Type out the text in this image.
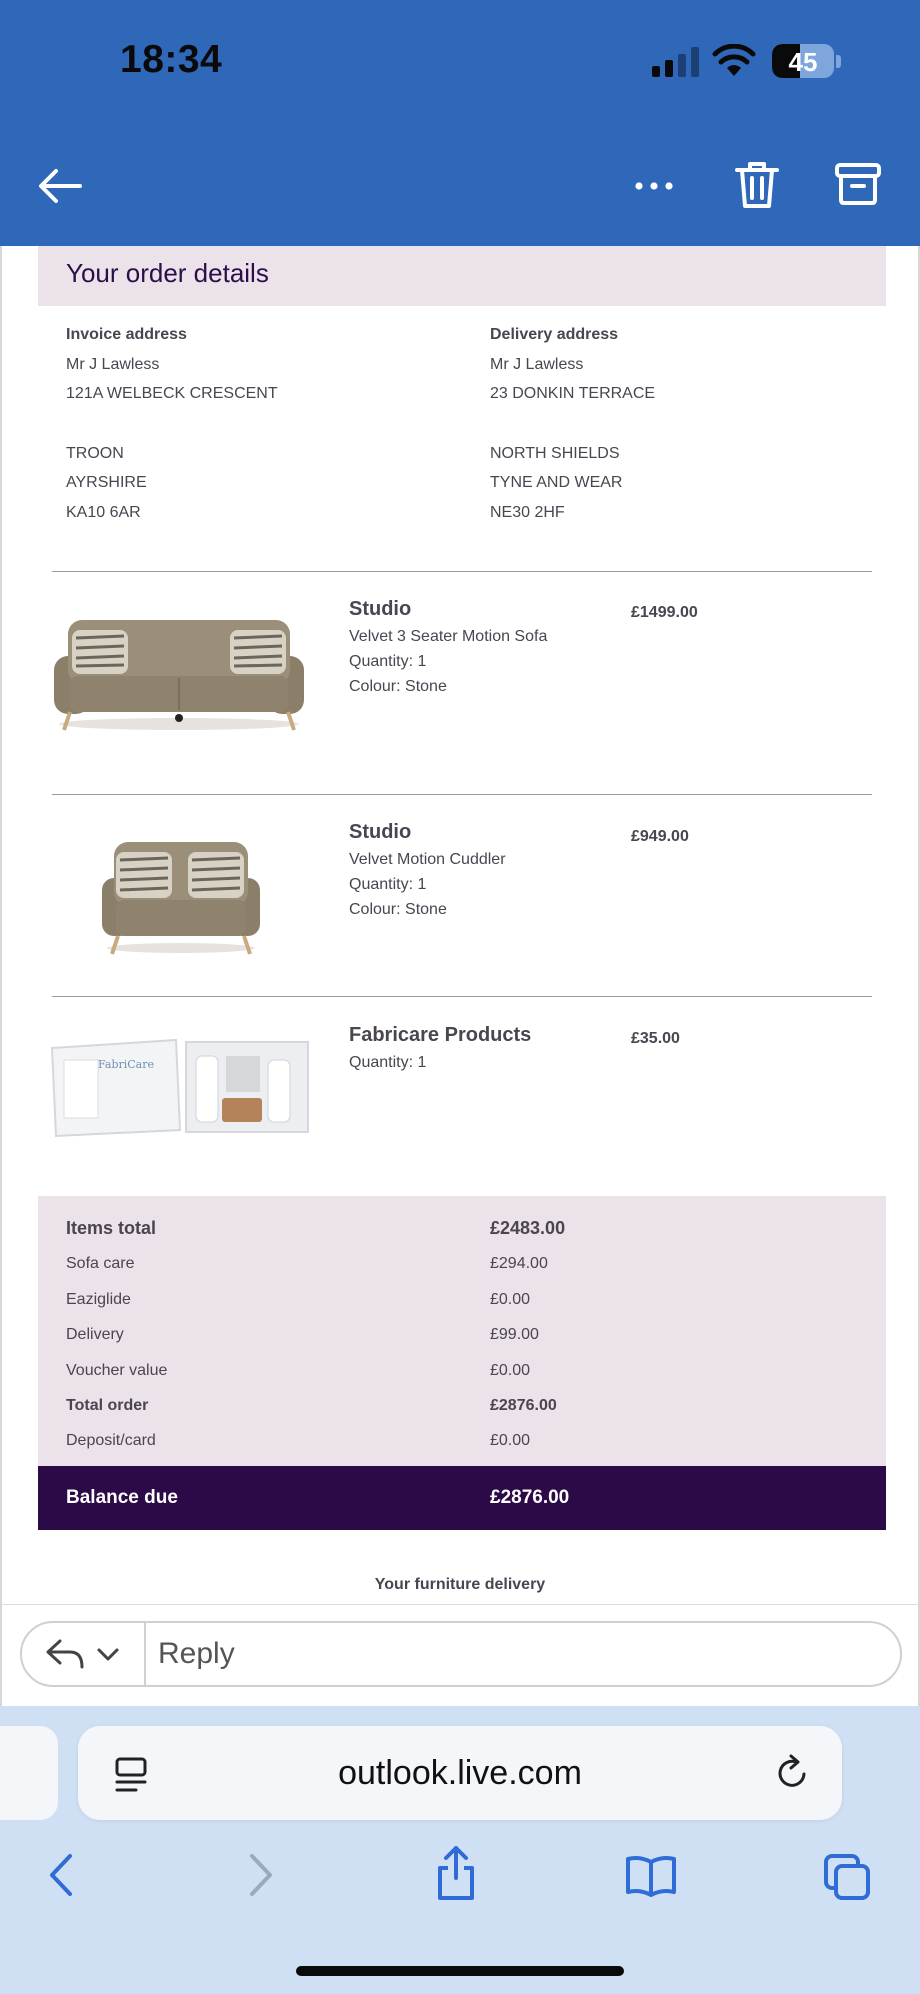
18:34	45
Your order details
Invoice address
Mr J Lawless
121A WELBECK CRESCENT
TROON
AYRSHIRE
KA10 6AR
Delivery address
Mr J Lawless
23 DONKIN TERRACE
NORTH SHIELDS
TYNE AND WEAR
NE30 2HF
Studio
Velvet 3 Seater Motion Sofa
Quantity: 1
Colour: Stone
£1499.00
Studio
Velvet Motion Cuddler
Quantity: 1
Colour: Stone
£949.00
FabriCare
Fabricare Products
Quantity: 1
£35.00
Items total	£2483.00
Sofa care	£294.00
Eaziglide	£0.00
Delivery	£99.00
Voucher value	£0.00
Total order	£2876.00
Deposit/card	£0.00
Balance due	£2876.00
Your furniture delivery
Reply
outlook.live.com
